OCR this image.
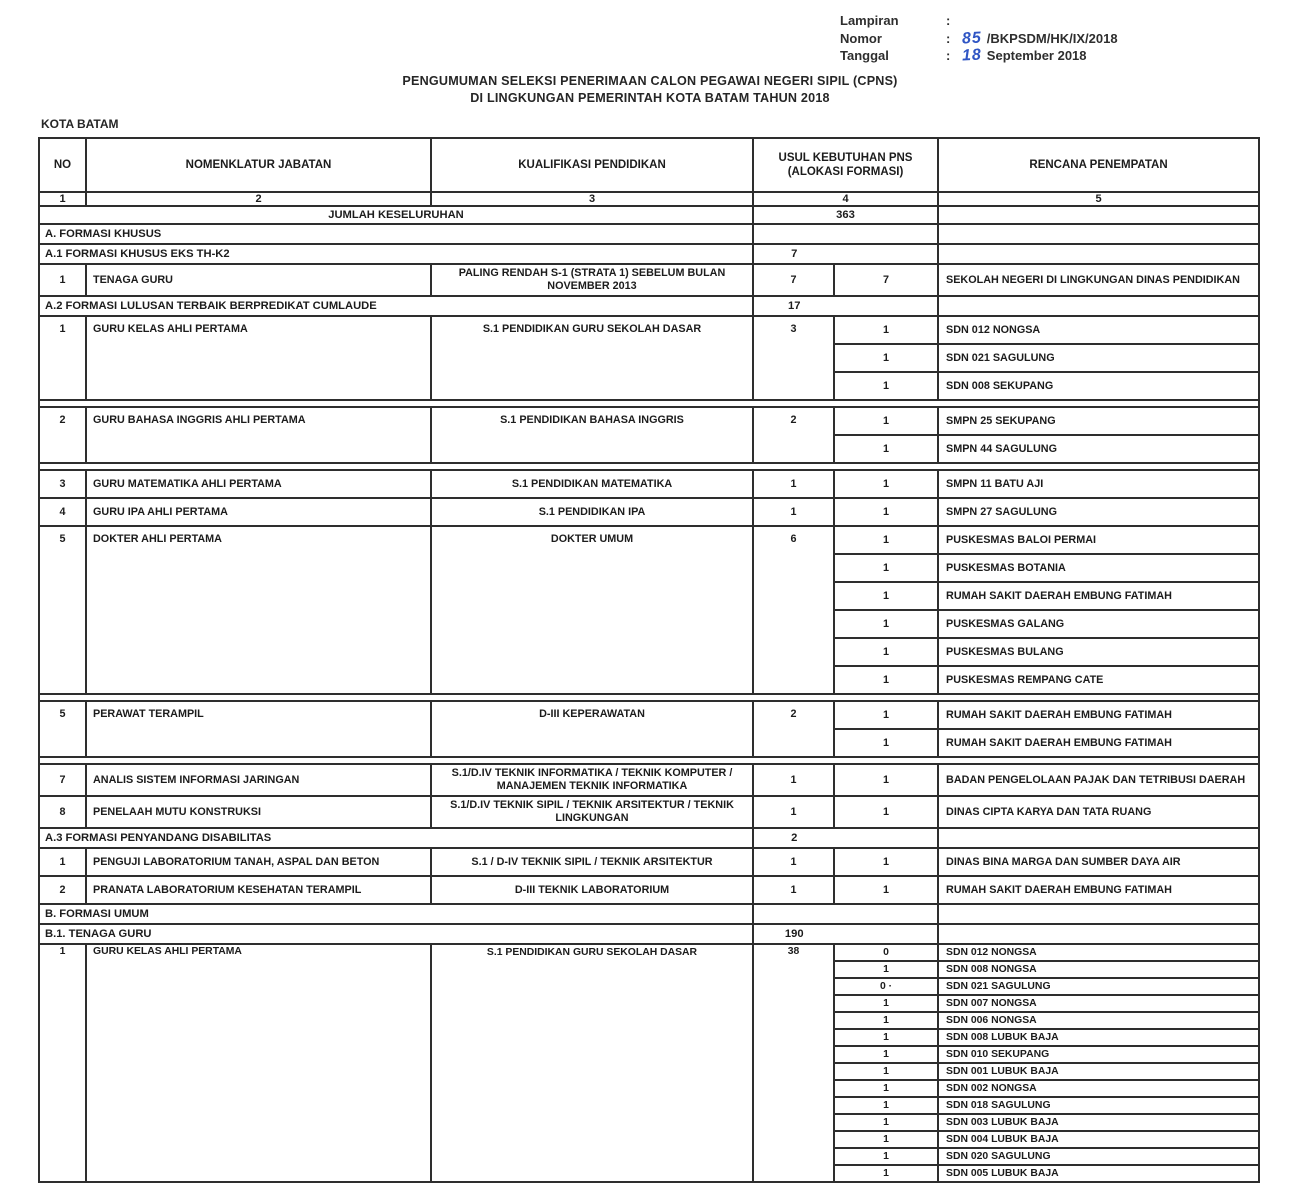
Lampiran	:
Nomor	: 85 /BKPSDM/HK/IX/2018
Tanggal	: 18 September 2018
PENGUMUMAN SELEKSI PENERIMAAN CALON PEGAWAI NEGERI SIPIL (CPNS)
DI LINGKUNGAN PEMERINTAH KOTA BATAM TAHUN 2018
KOTA BATAM
NO	NOMENKLATUR JABATAN	KUALIFIKASI PENDIDIKAN	USUL KEBUTUHAN PNS (ALOKASI FORMASI)		RENCANA PENEMPATAN
1	2	3	4		5
JUMLAH KESELURUHAN			363		
A. FORMASI KHUSUS					
A.1 FORMASI KHUSUS EKS TH-K2			7		
1	TENAGA GURU	PALING RENDAH S-1 (STRATA 1) SEBELUM BULAN NOVEMBER 2013	7	7	SEKOLAH NEGERI DI LINGKUNGAN DINAS PENDIDIKAN
A.2 FORMASI LULUSAN TERBAIK BERPREDIKAT CUMLAUDE			17		
1	GURU KELAS AHLI PERTAMA	S.1 PENDIDIKAN GURU SEKOLAH DASAR	3	1	SDN 012 NONGSA
				1	SDN 021 SAGULUNG
				1	SDN 008 SEKUPANG

2	GURU BAHASA INGGRIS AHLI PERTAMA	S.1 PENDIDIKAN BAHASA INGGRIS	2	1	SMPN 25 SEKUPANG
				1	SMPN 44 SAGULUNG

3	GURU MATEMATIKA AHLI PERTAMA	S.1 PENDIDIKAN MATEMATIKA	1	1	SMPN 11 BATU AJI
4	GURU IPA AHLI PERTAMA	S.1 PENDIDIKAN IPA	1	1	SMPN 27 SAGULUNG
5	DOKTER AHLI PERTAMA	DOKTER UMUM	6	1	PUSKESMAS BALOI PERMAI
				1	PUSKESMAS BOTANIA
				1	RUMAH SAKIT DAERAH EMBUNG FATIMAH
				1	PUSKESMAS GALANG
				1	PUSKESMAS BULANG
				1	PUSKESMAS REMPANG CATE

5	PERAWAT TERAMPIL	D-III KEPERAWATAN	2	1	RUMAH SAKIT DAERAH EMBUNG FATIMAH
				1	RUMAH SAKIT DAERAH EMBUNG FATIMAH

7	ANALIS SISTEM INFORMASI JARINGAN	S.1/D.IV TEKNIK INFORMATIKA / TEKNIK KOMPUTER / MANAJEMEN TEKNIK INFORMATIKA	1	1	BADAN PENGELOLAAN PAJAK DAN TETRIBUSI DAERAH
8	PENELAAH MUTU KONSTRUKSI	S.1/D.IV TEKNIK SIPIL / TEKNIK ARSITEKTUR / TEKNIK LINGKUNGAN	1	1	DINAS CIPTA KARYA DAN TATA RUANG
A.3 FORMASI PENYANDANG DISABILITAS			2		
1	PENGUJI LABORATORIUM TANAH, ASPAL DAN BETON	S.1 / D-IV TEKNIK SIPIL / TEKNIK ARSITEKTUR	1	1	DINAS BINA MARGA DAN SUMBER DAYA AIR
2	PRANATA LABORATORIUM KESEHATAN TERAMPIL	D-III TEKNIK LABORATORIUM	1	1	RUMAH SAKIT DAERAH EMBUNG FATIMAH
B. FORMASI UMUM					
B.1. TENAGA GURU			190		
1	GURU KELAS AHLI PERTAMA	S.1 PENDIDIKAN GURU SEKOLAH DASAR	38	0	SDN 012 NONGSA
				1	SDN 008 NONGSA
				0 ·	SDN 021 SAGULUNG
				1	SDN 007 NONGSA
				1	SDN 006 NONGSA
				1	SDN 008 LUBUK BAJA
				1	SDN 010 SEKUPANG
				1	SDN 001 LUBUK BAJA
				1	SDN 002 NONGSA
				1	SDN 018 SAGULUNG
				1	SDN 003 LUBUK BAJA
				1	SDN 004 LUBUK BAJA
				1	SDN 020 SAGULUNG
				1	SDN 005 LUBUK BAJA
